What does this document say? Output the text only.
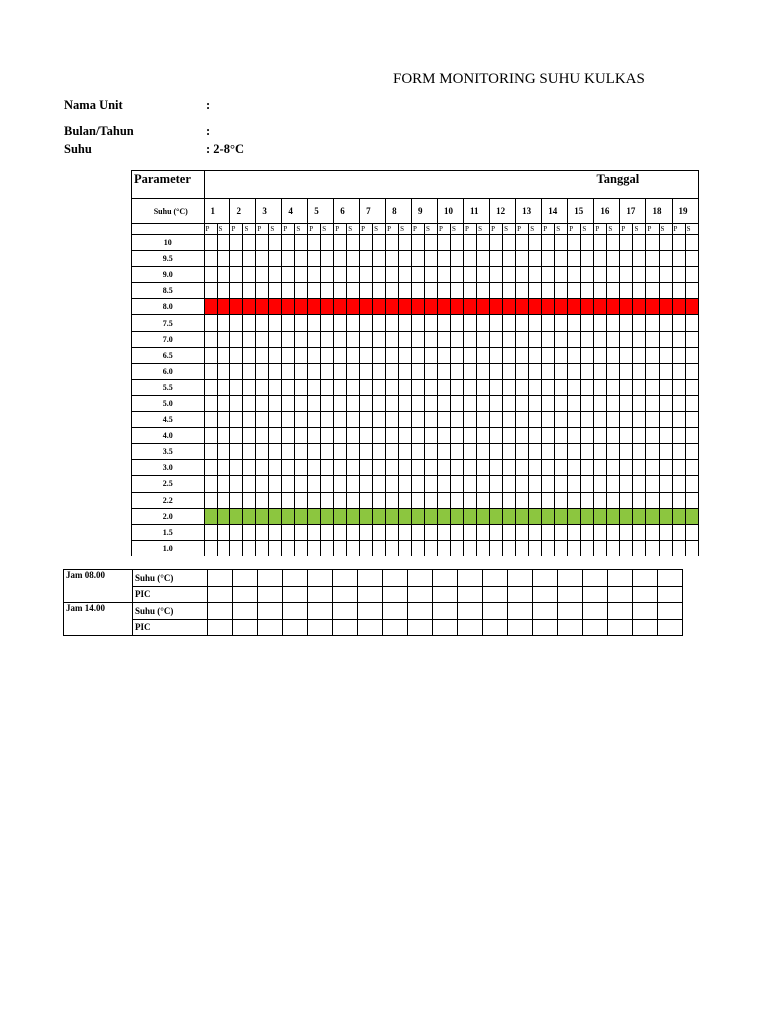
FORM MONITORING SUHU KULKAS
Nama Unit	:
Bulan/Tahun	:
Suhu	: 2-8°C
Parameter	Tanggal																																					
Suhu (°C)	1		2		3		4		5		6		7		8		9		10		11		12		13		14		15		16		17		18		19	
	P	S	P	S	P	S	P	S	P	S	P	S	P	S	P	S	P	S	P	S	P	S	P	S	P	S	P	S	P	S	P	S	P	S	P	S	P	S
10																																						
9.5																																						
9.0																																						
8.5																																						
8.0																																						
7.5																																						
7.0																																						
6.5																																						
6.0																																						
5.5																																						
5.0																																						
4.5																																						
4.0																																						
3.5																																						
3.0																																						
2.5																																						
2.2																																						
2.0																																						
1.5																																						
1.0																																						
Jam 08.00	Suhu (°C)																			
	PIC																			
Jam 14.00	Suhu (°C)																			
	PIC																			
